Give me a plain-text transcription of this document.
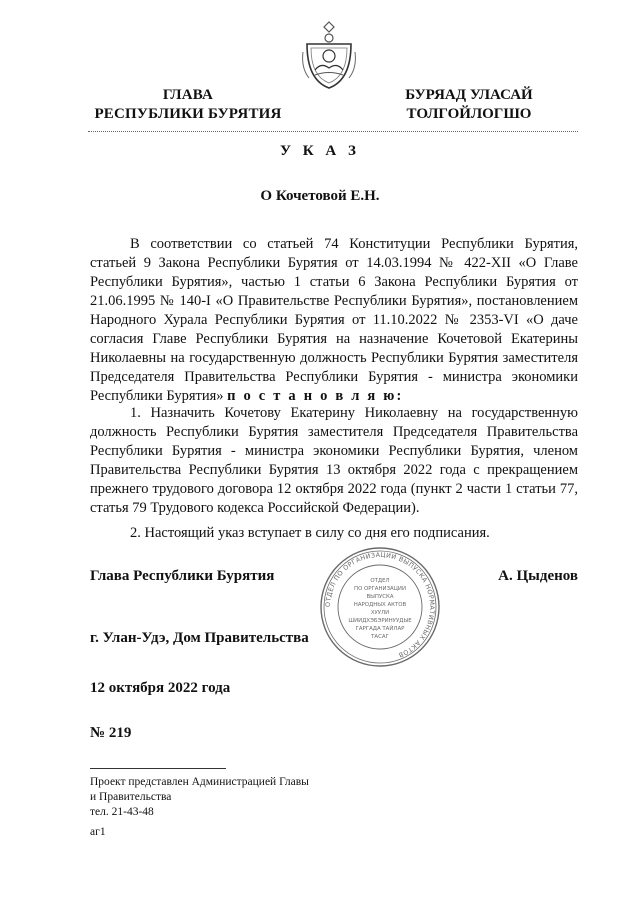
ГЛАВА
РЕСПУБЛИКИ БУРЯТИЯ
БУРЯАД УЛАСАЙ
ТОЛГОЙЛОГШО
У К А З
О Кочетовой Е.Н.
В соответствии со статьей 74 Конституции Республики Бурятия, статьей 9 Закона Республики Бурятия от 14.03.1994 № 422-XII «О Главе Республики Бурятия», частью 1 статьи 6 Закона Республики Бурятия от 21.06.1995 № 140-I «О Правительстве Республики Бурятия», постановлением Народного Хурала Республики Бурятия от 11.10.2022 № 2353-VI «О даче согласия Главе Республики Бурятия на назначение Кочетовой Екатерины Николаевны на государственную должность Республики Бурятия заместителя Председателя Правительства Республики Бурятия - министра экономики Республики Бурятия» п о с т а н о в л я ю:
1. Назначить Кочетову Екатерину Николаевну на государственную должность Республики Бурятия заместителя Председателя Правительства Республики Бурятия - министра экономики Республики Бурятия, членом Правительства Республики Бурятия 13 октября 2022 года с прекращением прежнего трудового договора 12 октября 2022 года (пункт 2 части 1 статьи 77, статья 79 Трудового кодекса Российской Федерации).
2. Настоящий указ вступает в силу со дня его подписания.
Глава Республики Бурятия	А. Цыденов
ОТДЕЛ ПО ОРГАНИЗАЦИИ ВЫПУСКА НОРМАТИВНЫХ АКТОВ
ОТДЕЛ
ПО ОРГАНИЗАЦИИ
ВЫПУСКА
НАРОДНЫХ АКТОВ
ХУУЛИ
ШИИДХЭБЭРИНУУДЫЕ
ГАРГАДА ТАЙЛАР
ТАСАГ
г. Улан-Удэ, Дом Правительства
12 октября 2022 года
№ 219
Проект представлен Администрацией Главы
и Правительства
тел. 21-43-48
аг1
